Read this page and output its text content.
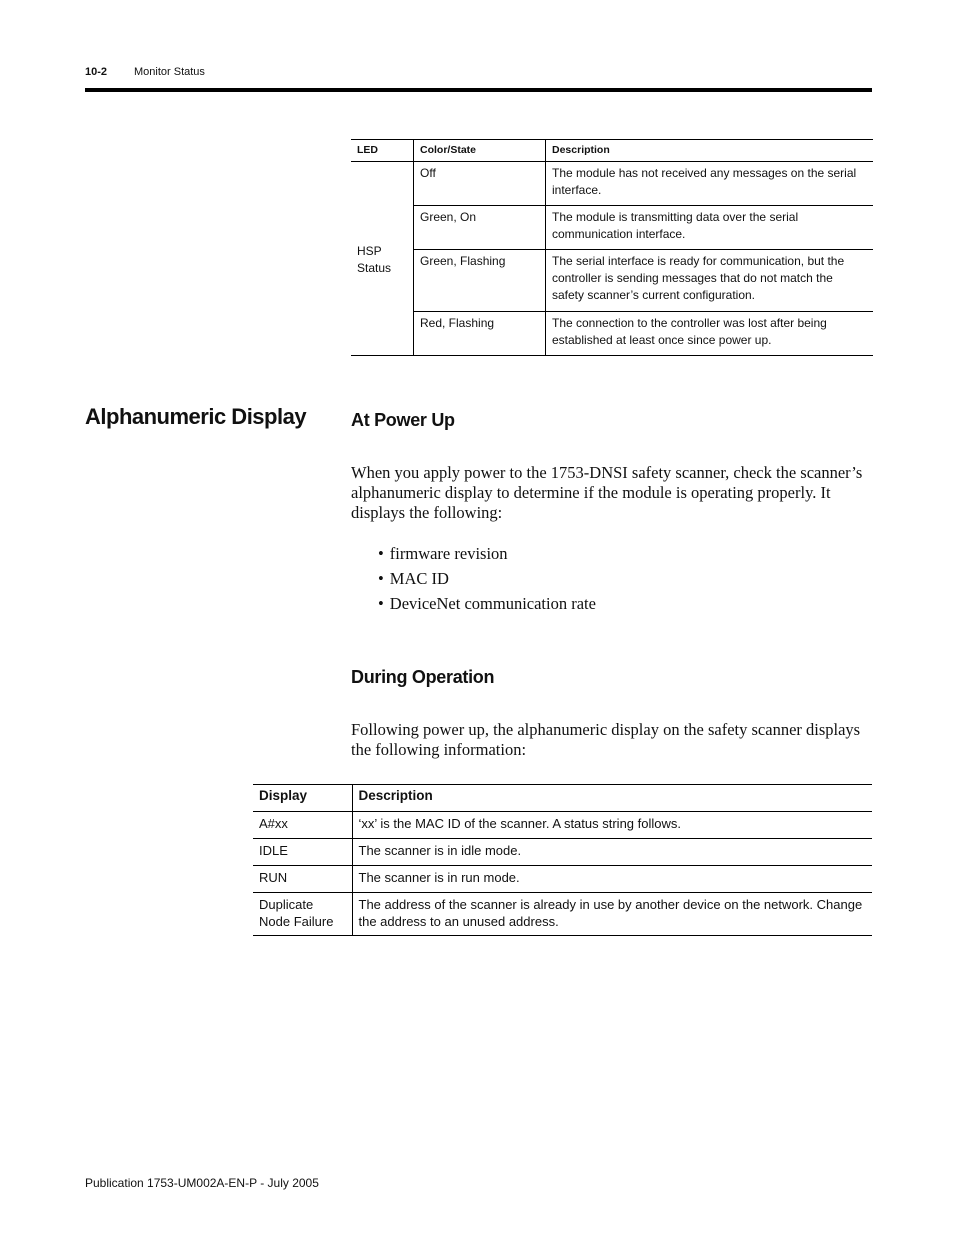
10-2 Monitor Status
LED	Color/State	Description
HSP Status	Off	The module has not received any messages on the serial interface.
	Green, On	The module is transmitting data over the serial communication interface.
	Green, Flashing	The serial interface is ready for communication, but the controller is sending messages that do not match the safety scanner’s current configuration.
	Red, Flashing	The connection to the controller was lost after being established at least once since power up.
Alphanumeric Display At Power Up

When you apply power to the 1753-DNSI safety scanner, check the scanner’s alphanumeric display to determine if the module is operating properly. It displays the following:

• firmware revision
• MAC ID
• DeviceNet communication rate
During Operation

Following power up, the alphanumeric display on the safety scanner displays the following information:

Display	Description
A#xx	‘xx’ is the MAC ID of the scanner. A status string follows.
IDLE	The scanner is in idle mode.
RUN	The scanner is in run mode.
Duplicate Node Failure	The address of the scanner is already in use by another device on the network. Change the address to an unused address.
Publication 1753-UM002A-EN-P - July 2005
